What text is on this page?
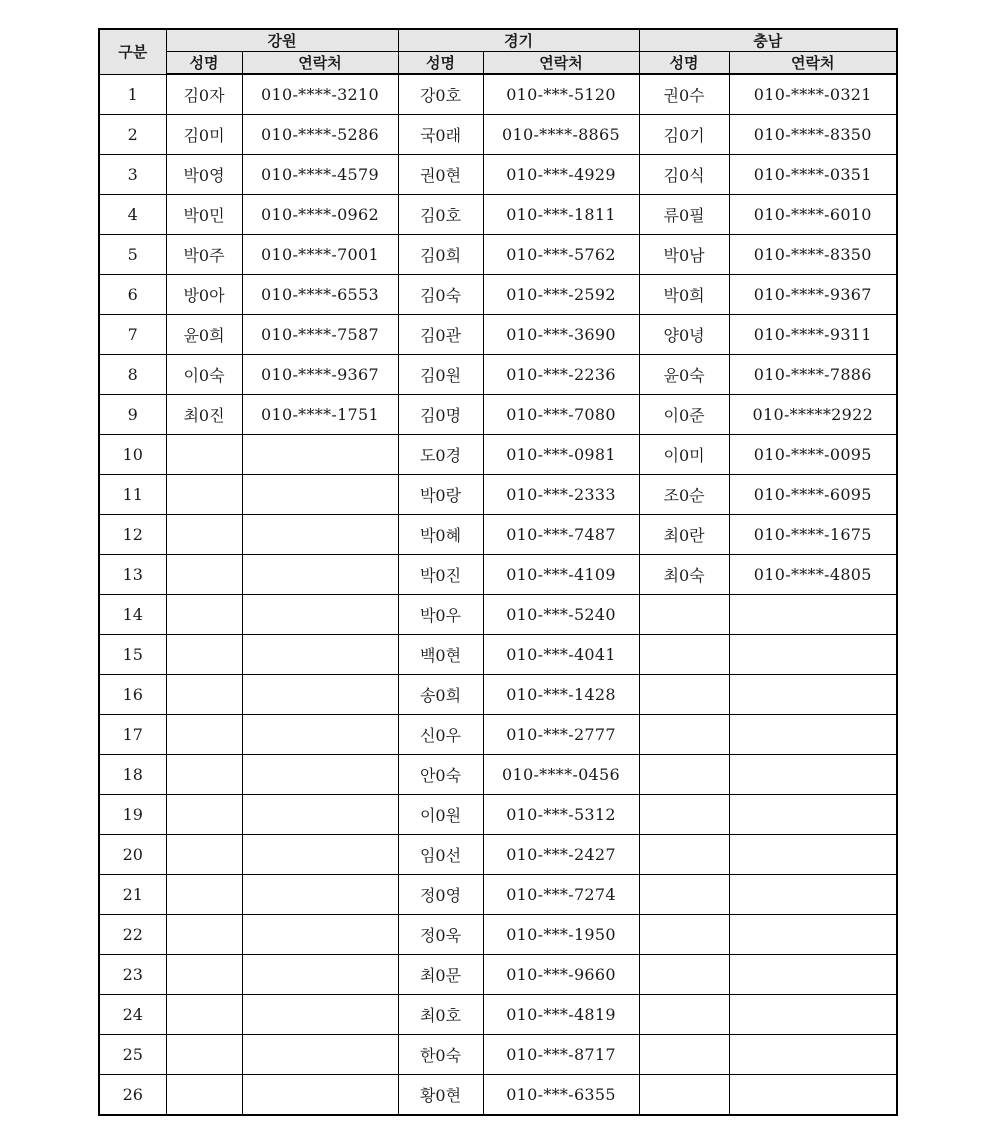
구분	강원		경기		충남	
	성명	연락처	성명	연락처	성명	연락처
1	김0자	010-****-3210	강0호	010-***-5120	권0수	010-****-0321
2	김0미	010-****-5286	국0래	010-****-8865	김0기	010-****-8350
3	박0영	010-****-4579	권0현	010-***-4929	김0식	010-****-0351
4	박0민	010-****-0962	김0호	010-***-1811	류0필	010-****-6010
5	박0주	010-****-7001	김0희	010-***-5762	박0남	010-****-8350
6	방0아	010-****-6553	김0숙	010-***-2592	박0희	010-****-9367
7	윤0희	010-****-7587	김0관	010-***-3690	양0녕	010-****-9311
8	이0숙	010-****-9367	김0원	010-***-2236	윤0숙	010-****-7886
9	최0진	010-****-1751	김0명	010-***-7080	이0준	010-*****2922
10			도0경	010-***-0981	이0미	010-****-0095
11			박0랑	010-***-2333	조0순	010-****-6095
12			박0혜	010-***-7487	최0란	010-****-1675
13			박0진	010-***-4109	최0숙	010-****-4805
14			박0우	010-***-5240		
15			백0현	010-***-4041		
16			송0희	010-***-1428		
17			신0우	010-***-2777		
18			안0숙	010-****-0456		
19			이0원	010-***-5312		
20			임0선	010-***-2427		
21			정0영	010-***-7274		
22			정0욱	010-***-1950		
23			최0문	010-***-9660		
24			최0호	010-***-4819		
25			한0숙	010-***-8717		
26			황0현	010-***-6355		
